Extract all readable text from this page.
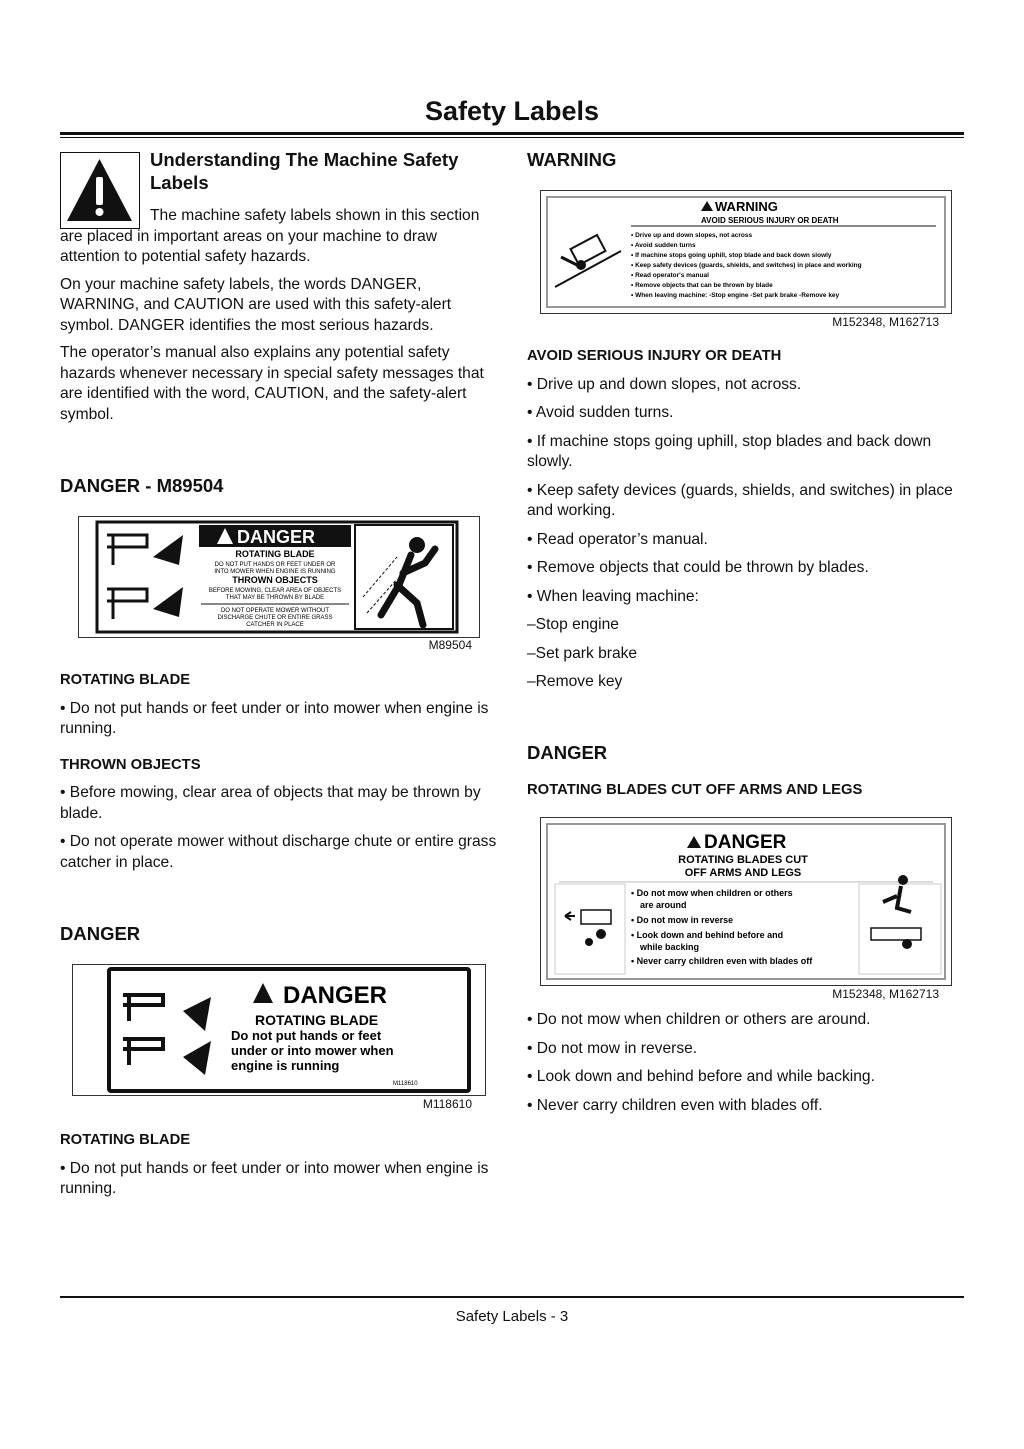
Safety Labels
Understanding The Machine Safety Labels

The machine safety labels shown in this section are placed in important areas on your machine to draw attention to potential safety hazards.

On your machine safety labels, the words DANGER, WARNING, and CAUTION are used with this safety-alert symbol. DANGER identifies the most serious hazards.

The operator’s manual also explains any potential safety hazards whenever necessary in special safety messages that are identified with the word, CAUTION, and the safety-alert symbol.

DANGER - M89504
DANGER
ROTATING BLADE
DO NOT PUT HANDS OR FEET UNDER OR
INTO MOWER WHEN ENGINE IS RUNNING
THROWN OBJECTS
BEFORE MOWING, CLEAR AREA OF OBJECTS
THAT MAY BE THROWN BY BLADE
DO NOT OPERATE MOWER WITHOUT
DISCHARGE CHUTE OR ENTIRE GRASS
CATCHER IN PLACE
M89504

ROTATING BLADE

• Do not put hands or feet under or into mower when engine is running.

THROWN OBJECTS

• Before mowing, clear area of objects that may be thrown by blade.

• Do not operate mower without discharge chute or entire grass catcher in place.

DANGER
DANGER
ROTATING BLADE
Do not put hands or feet
under or into mower when
engine is running
M118610
M118610

ROTATING BLADE

• Do not put hands or feet under or into mower when engine is running.

WARNING
WARNING
AVOID SERIOUS INJURY OR DEATH
• Drive up and down slopes, not across
• Avoid sudden turns
• If machine stops going uphill, stop blade and back down slowly
• Keep safety devices (guards, shields, and switches) in place and working
• Read operator's manual
• Remove objects that can be thrown by blade
• When leaving machine: -Stop engine -Set park brake -Remove key
M152348, M162713

AVOID SERIOUS INJURY OR DEATH

• Drive up and down slopes, not across.

• Avoid sudden turns.

• If machine stops going uphill, stop blades and back down slowly.

• Keep safety devices (guards, shields, and switches) in place and working.

• Read operator’s manual.

• Remove objects that could be thrown by blades.

• When leaving machine:

–Stop engine

–Set park brake

–Remove key

DANGER
ROTATING BLADES CUT OFF ARMS AND LEGS
DANGER
ROTATING BLADES CUT
OFF ARMS AND LEGS
• Do not mow when children or others
are around
• Do not mow in reverse
• Look down and behind before and
while backing
• Never carry children even with blades off
M152348, M162713

• Do not mow when children or others are around.

• Do not mow in reverse.

• Look down and behind before and while backing.

• Never carry children even with blades off.

Safety Labels - 3
